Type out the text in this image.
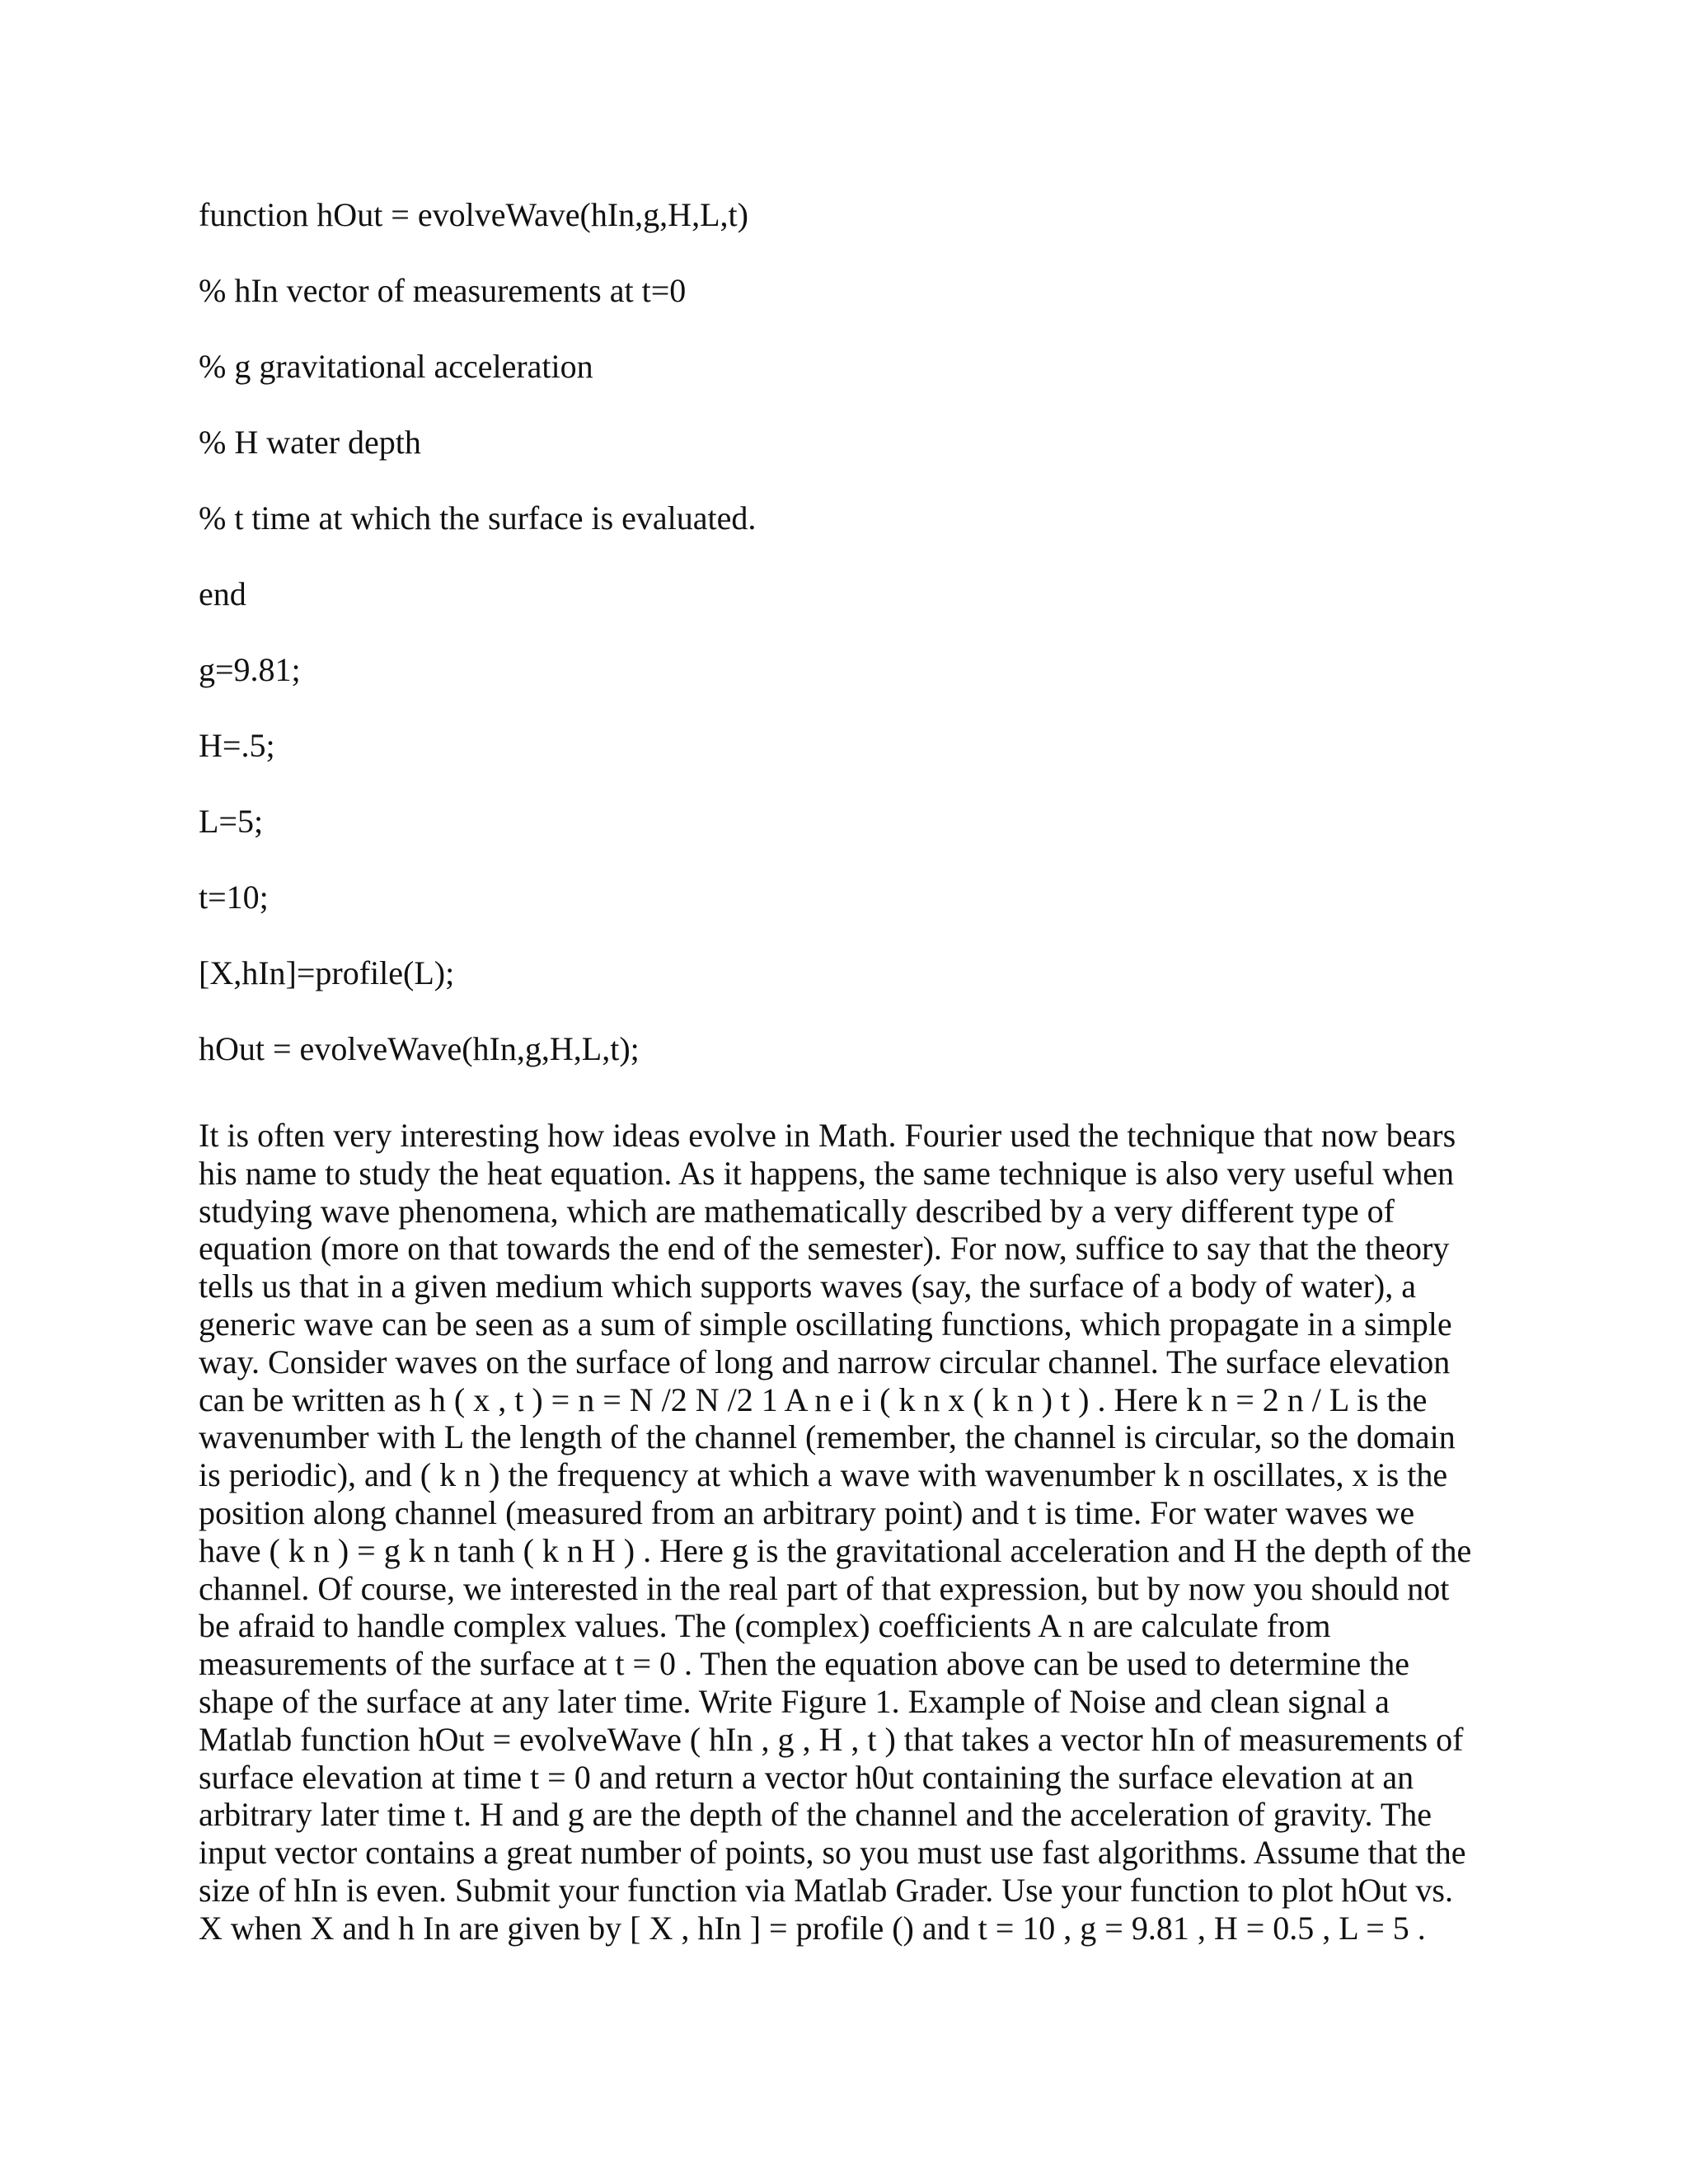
function hOut = evolveWave(hIn,g,H,L,t)
% hIn vector of measurements at t=0
% g gravitational acceleration
% H water depth
% t time at which the surface is evaluated.
end
g=9.81;
H=.5;
L=5;
t=10;
[X,hIn]=profile(L);
hOut = evolveWave(hIn,g,H,L,t);
It is often very interesting how ideas evolve in Math. Fourier used the technique that now bears
his name to study the heat equation. As it happens, the same technique is also very useful when
studying wave phenomena, which are mathematically described by a very different type of
equation (more on that towards the end of the semester). For now, suffice to say that the theory
tells us that in a given medium which supports waves (say, the surface of a body of water), a
generic wave can be seen as a sum of simple oscillating functions, which propagate in a simple
way. Consider waves on the surface of long and narrow circular channel. The surface elevation
can be written as h ( x , t ) = n = N /2 N /2 1 A n e i ( k n x ( k n ) t ) . Here k n = 2 n / L is the
wavenumber with L the length of the channel (remember, the channel is circular, so the domain
is periodic), and ( k n ) the frequency at which a wave with wavenumber k n oscillates, x is the
position along channel (measured from an arbitrary point) and t is time. For water waves we
have ( k n ) = g k n tanh ( k n H ) . Here g is the gravitational acceleration and H the depth of the
channel. Of course, we interested in the real part of that expression, but by now you should not
be afraid to handle complex values. The (complex) coefficients A n are calculate from
measurements of the surface at t = 0 . Then the equation above can be used to determine the
shape of the surface at any later time. Write Figure 1. Example of Noise and clean signal a
Matlab function hOut = evolveWave ( hIn , g , H , t ) that takes a vector hIn of measurements of
surface elevation at time t = 0 and return a vector h0ut containing the surface elevation at an
arbitrary later time t. H and g are the depth of the channel and the acceleration of gravity. The
input vector contains a great number of points, so you must use fast algorithms. Assume that the
size of hIn is even. Submit your function via Matlab Grader. Use your function to plot hOut vs.
X when X and h In are given by [ X , hIn ] = profile () and t = 10 , g = 9.81 , H = 0.5 , L = 5 .
